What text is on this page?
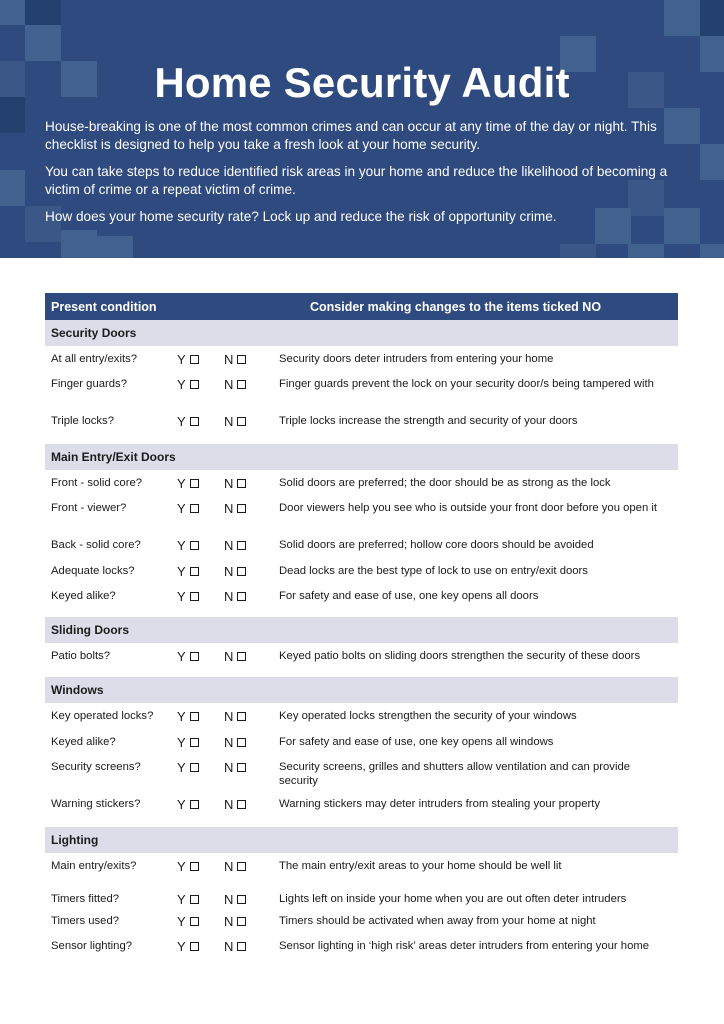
Home Security Audit

House-breaking is one of the most common crimes and can occur at any time of the day or night. This checklist is designed to help you take a fresh look at your home security.

You can take steps to reduce identified risk areas in your home and reduce the likelihood of becoming a victim of crime or a repeat victim of crime.

How does your home security rate? Lock up and reduce the risk of opportunity crime.

Present condition	Consider making changes to the items ticked NO
Security Doors
At all entry/exits?	Y	N	Security doors deter intruders from entering your home
Finger guards?	Y	N	Finger guards prevent the lock on your security door/s being tampered with
Triple locks?	Y	N	Triple locks increase the strength and security of your doors
Main Entry/Exit Doors
Front - solid core?	Y	N	Solid doors are preferred; the door should be as strong as the lock
Front - viewer?	Y	N	Door viewers help you see who is outside your front door before you open it
Back - solid core?	Y	N	Solid doors are preferred; hollow core doors should be avoided
Adequate locks?	Y	N	Dead locks are the best type of lock to use on entry/exit doors
Keyed alike?	Y	N	For safety and ease of use, one key opens all doors
Sliding Doors
Patio bolts?	Y	N	Keyed patio bolts on sliding doors strengthen the security of these doors
Windows
Key operated locks?	Y	N	Key operated locks strengthen the security of your windows
Keyed alike?	Y	N	For safety and ease of use, one key opens all windows
Security screens?	Y	N	Security screens, grilles and shutters allow ventilation and can provide security
Warning stickers?	Y	N	Warning stickers may deter intruders from stealing your property
Lighting
Main entry/exits?	Y	N	The main entry/exit areas to your home should be well lit
Timers fitted?	Y	N	Lights left on inside your home when you are out often deter intruders
Timers used?	Y	N	Timers should be activated when away from your home at night
Sensor lighting?	Y	N	Sensor lighting in ‘high risk’ areas deter intruders from entering your home
